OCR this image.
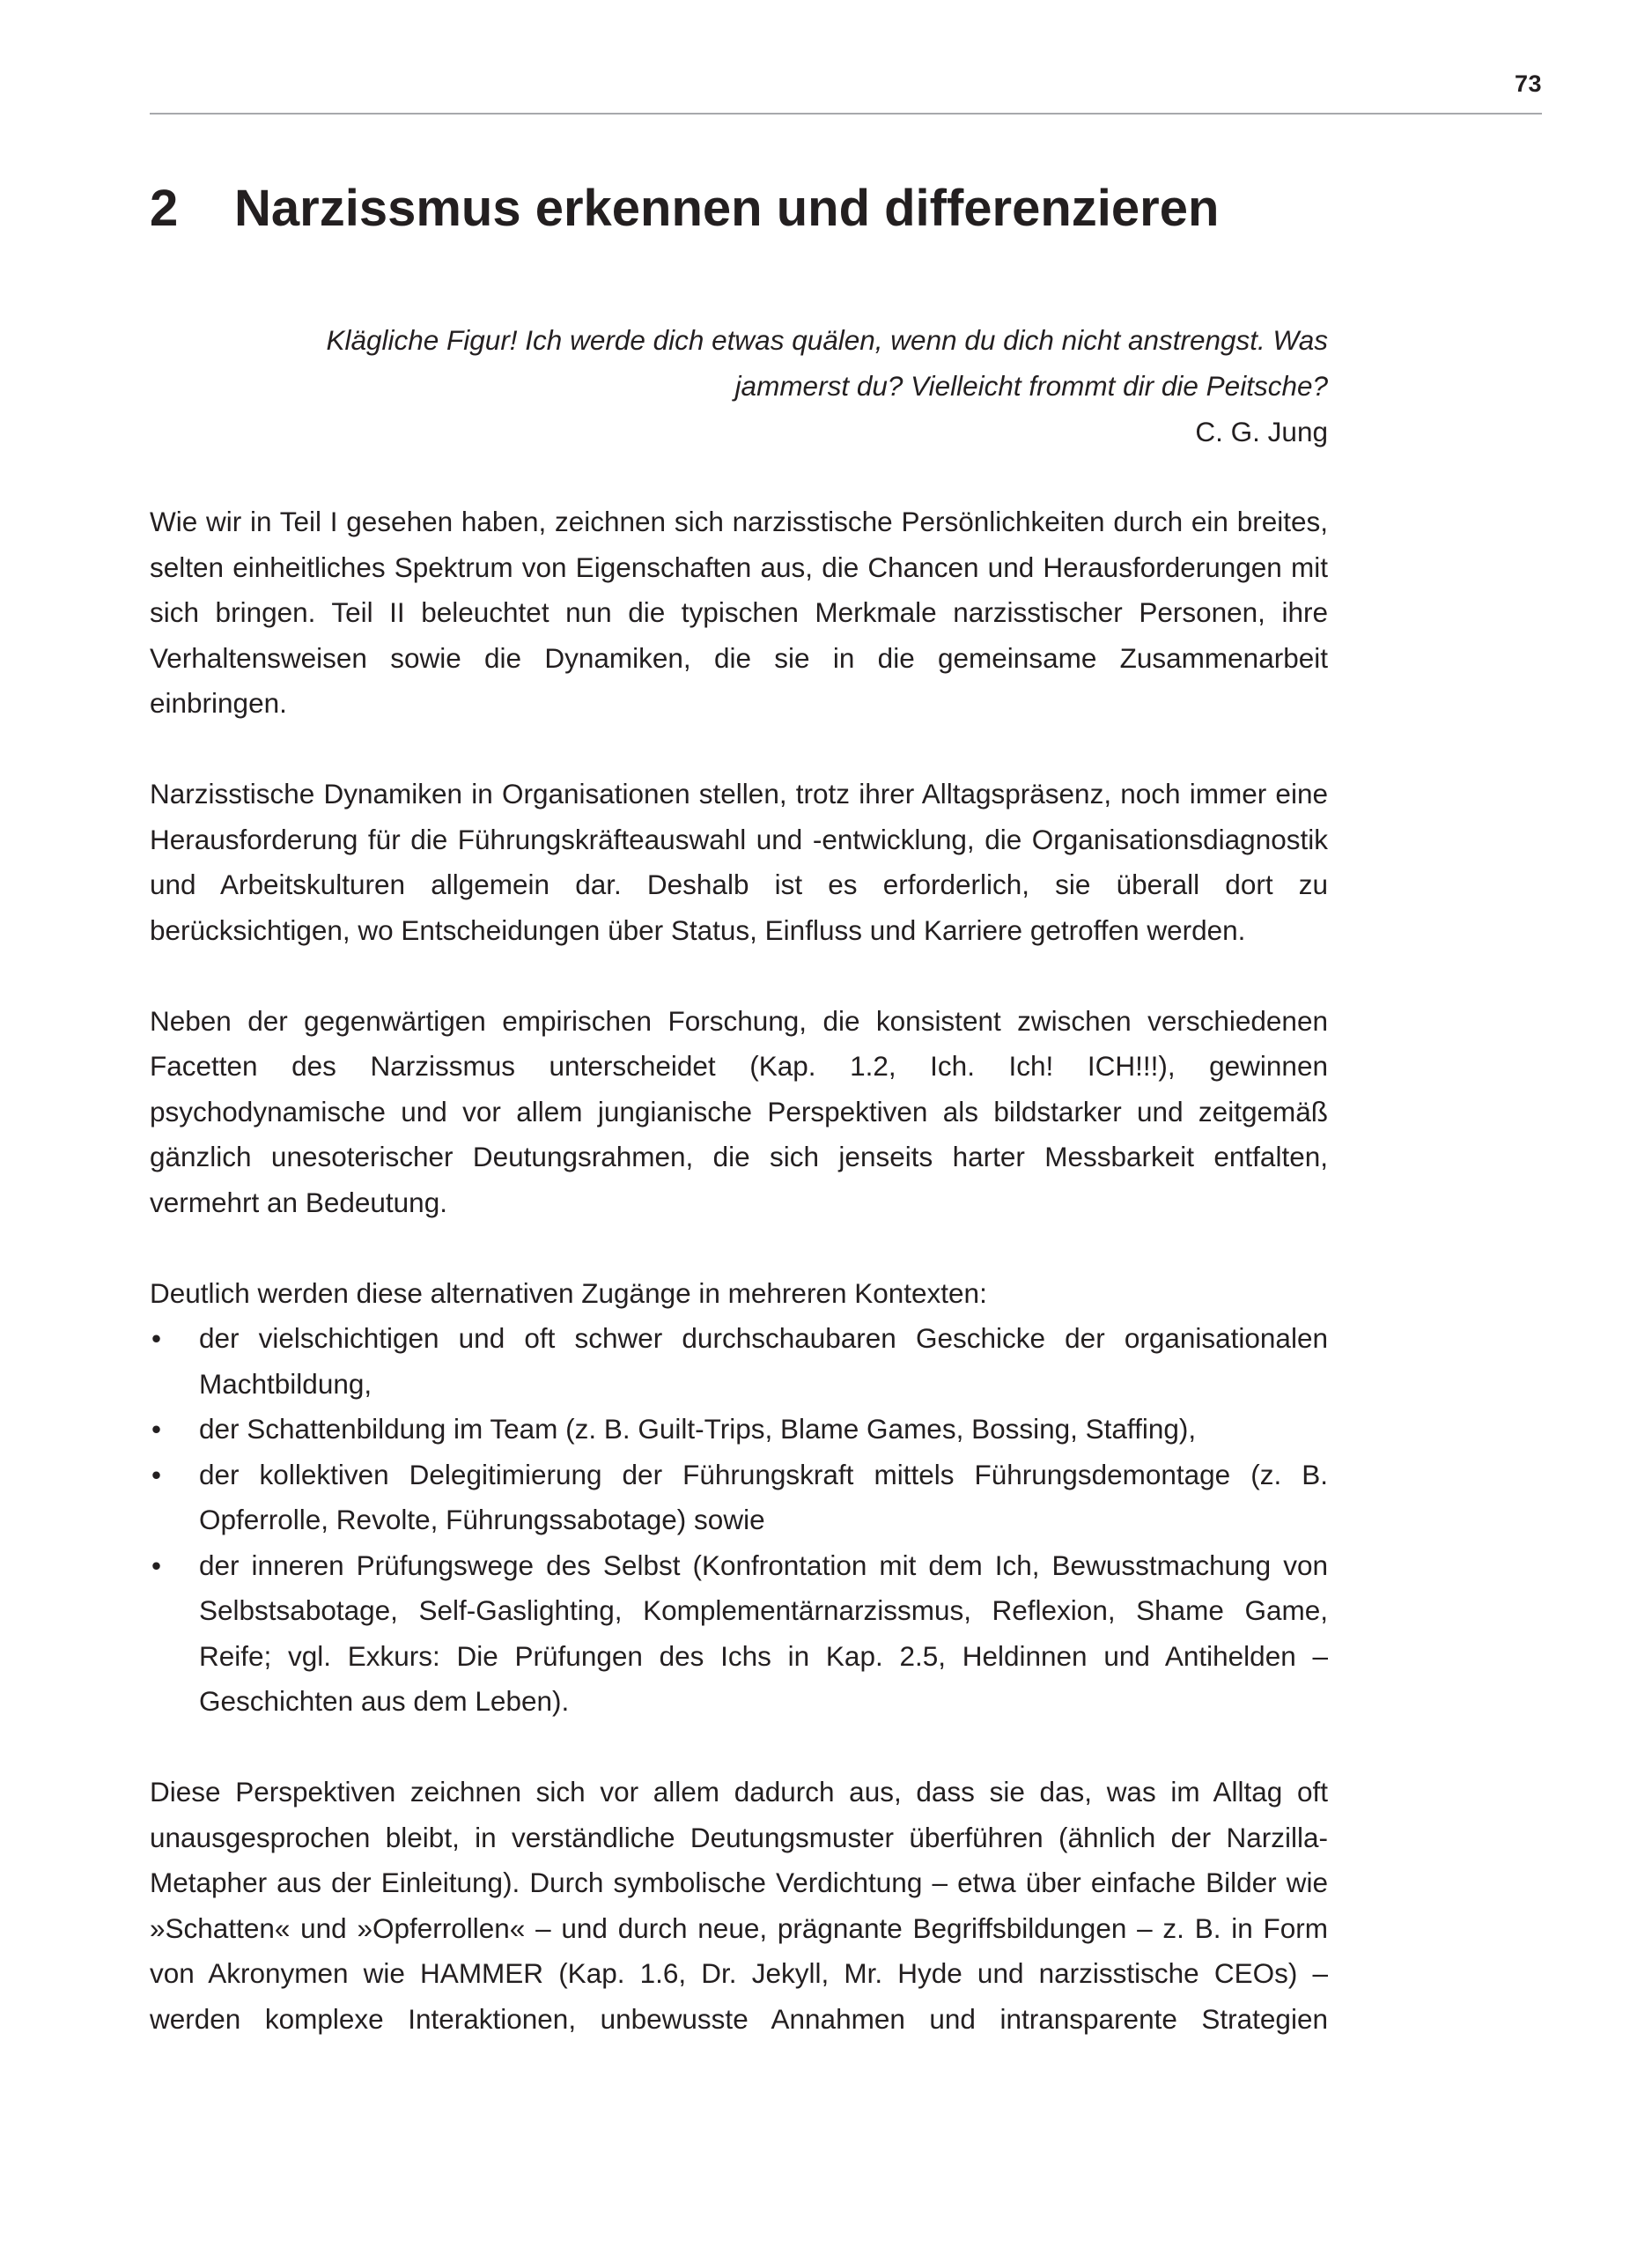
73
2 Narzissmus erkennen und differenzieren
Klägliche Figur! Ich werde dich etwas quälen, wenn du dich nicht anstrengst. Was
jammerst du? Vielleicht frommt dir die Peitsche?
C. G. Jung

Wie wir in Teil I gesehen haben, zeichnen sich narzisstische Persönlichkeiten durch ein breites, selten einheitliches Spektrum von Eigenschaften aus, die Chancen und Herausforderungen mit sich bringen. Teil II beleuchtet nun die typischen Merkmale narzisstischer Personen, ihre Verhaltensweisen sowie die Dynamiken, die sie in die gemeinsame Zusammenarbeit einbringen.

Narzisstische Dynamiken in Organisationen stellen, trotz ihrer Alltagspräsenz, noch immer eine Herausforderung für die Führungskräfteauswahl und -entwicklung, die Organisationsdiagnostik und Arbeitskulturen allgemein dar. Deshalb ist es erforderlich, sie überall dort zu berücksichtigen, wo Entscheidungen über Status, Einfluss und Karriere getroffen werden.

Neben der gegenwärtigen empirischen Forschung, die konsistent zwischen verschiedenen Facetten des Narzissmus unterscheidet (Kap. 1.2, Ich. Ich! ICH!!!), gewinnen psychodynamische und vor allem jungianische Perspektiven als bildstarker und zeitgemäß gänzlich unesoterischer Deutungsrahmen, die sich jenseits harter Messbarkeit entfalten, vermehrt an Bedeutung.

Deutlich werden diese alternativen Zugänge in mehreren Kontexten:
• der vielschichtigen und oft schwer durchschaubaren Geschicke der organisationalen Machtbildung,
• der Schattenbildung im Team (z. B. Guilt-Trips, Blame Games, Bossing, Staffing),
• der kollektiven Delegitimierung der Führungskraft mittels Führungsdemontage (z. B. Opferrolle, Revolte, Führungssabotage) sowie
• der inneren Prüfungswege des Selbst (Konfrontation mit dem Ich, Bewusstmachung von Selbstsabotage, Self-Gaslighting, Komplementärnarzissmus, Reflexion, Shame Game, Reife; vgl. Exkurs: Die Prüfungen des Ichs in Kap. 2.5, Heldinnen und Antihelden – Geschichten aus dem Leben).

Diese Perspektiven zeichnen sich vor allem dadurch aus, dass sie das, was im Alltag oft unausgesprochen bleibt, in verständliche Deutungsmuster überführen (ähnlich der Narzilla-Metapher aus der Einleitung). Durch symbolische Verdichtung – etwa über einfache Bilder wie »Schatten« und »Opferrollen« – und durch neue, prägnante Begriffsbildungen – z. B. in Form von Akronymen wie HAMMER (Kap. 1.6, Dr. Jekyll, Mr. Hyde und narzisstische CEOs) – werden komplexe Interaktionen, unbewusste Annahmen und intransparente Strategien
